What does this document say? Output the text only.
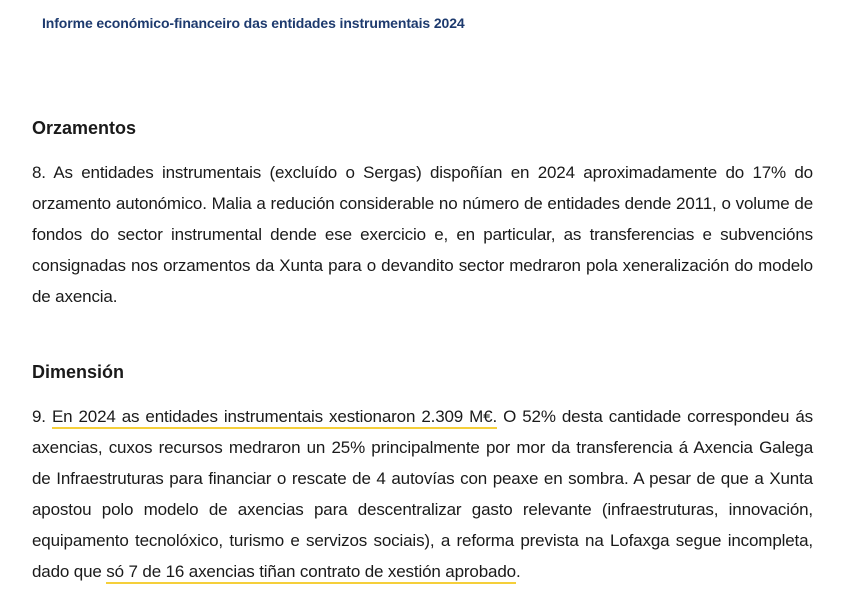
Informe económico-financeiro das entidades instrumentais 2024
Orzamentos

8. As entidades instrumentais (excluído o Sergas) dispoñían en 2024 aproximadamente do 17% do orzamento autonómico. Malia a redución considerable no número de entidades dende 2011, o volume de fondos do sector instrumental dende ese exercicio e, en particular, as transferencias e subvencións consignadas nos orzamentos da Xunta para o devandito sector medraron pola xeneralización do modelo de axencia.

Dimensión

9. En 2024 as entidades instrumentais xestionaron 2.309 M€. O 52% desta cantidade correspondeu ás axencias, cuxos recursos medraron un 25% principalmente por mor da transferencia á Axencia Galega de Infraestruturas para financiar o rescate de 4 autovías con peaxe en sombra. A pesar de que a Xunta apostou polo modelo de axencias para descentralizar gasto relevante (infraestruturas, innovación, equipamento tecnolóxico, turismo e servizos sociais), a reforma prevista na Lofaxga segue incompleta, dado que só 7 de 16 axencias tiñan contrato de xestión aprobado.
